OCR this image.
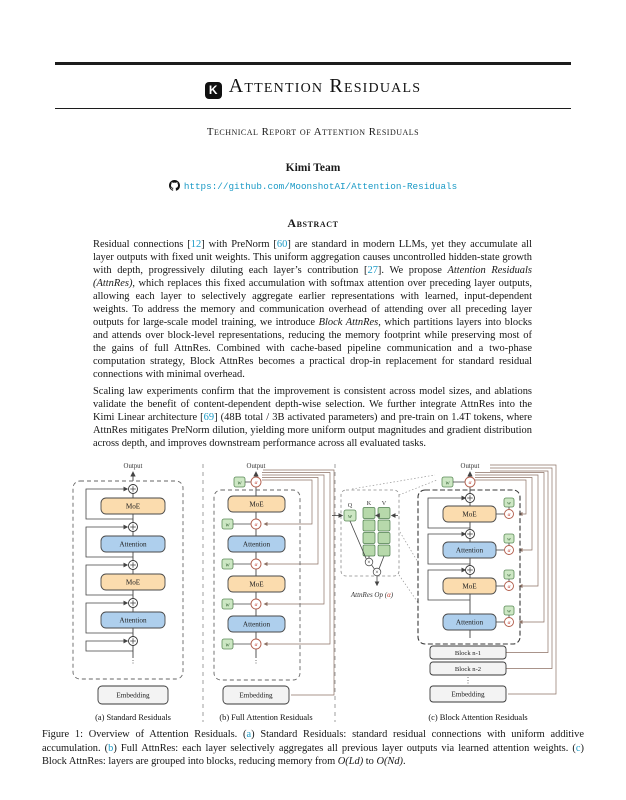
K Attention Residuals
Technical Report of Attention Residuals
Kimi Team
https://github.com/MoonshotAI/Attention-Residuals
Abstract

Residual connections [12] with PreNorm [60] are standard in modern LLMs, yet they accumulate all layer outputs with fixed unit weights. This uniform aggregation causes uncontrolled hidden-state growth with depth, progressively diluting each layer’s contribution [27]. We propose Attention Residuals (AttnRes), which replaces this fixed accumulation with softmax attention over preceding layer outputs, allowing each layer to selectively aggregate earlier representations with learned, input-dependent weights. To address the memory and communication overhead of attending over all preceding layer outputs for large-scale model training, we introduce Block AttnRes, which partitions layers into blocks and attends over block-level representations, reducing the memory footprint while preserving most of the gains of full AttnRes. Combined with cache-based pipeline communication and a two-phase computation strategy, Block AttnRes becomes a practical drop-in replacement for standard residual connections with minimal overhead.

Scaling law experiments confirm that the improvement is consistent across model sizes, and ablations validate the benefit of content-dependent depth-wise selection. We further integrate AttnRes into the Kimi Linear architecture [69] (48B total / 3B activated parameters) and pre-train on 1.4T tokens, where AttnRes mitigates PreNorm dilution, yielding more uniform output magnitudes and gradient distribution across depth, and improves downstream performance across all evaluated tasks.

Output
MoE
Attention
MoE
Attention
⋮
Embedding
(a) Standard Residuals
Output
w α
MoE
Attention
MoE
Attention
w	α
w	α
w	α
w	α
⋮
Embedding
(b) Full Attention Residuals
Q
w
K V
×
×
AttnRes Op (α)
Output
w	α
MoE
Attention
MoE
Attention
w
α
w
α
w
α
w
α
Block n-1
Block n-2
⋮
Embedding
(c) Block Attention Residuals

Figure 1: Overview of Attention Residuals. (a) Standard Residuals: standard residual connections with uniform additive accumulation. (b) Full AttnRes: each layer selectively aggregates all previous layer outputs via learned attention weights. (c) Block AttnRes: layers are grouped into blocks, reducing memory from O(Ld) to O(Nd).
